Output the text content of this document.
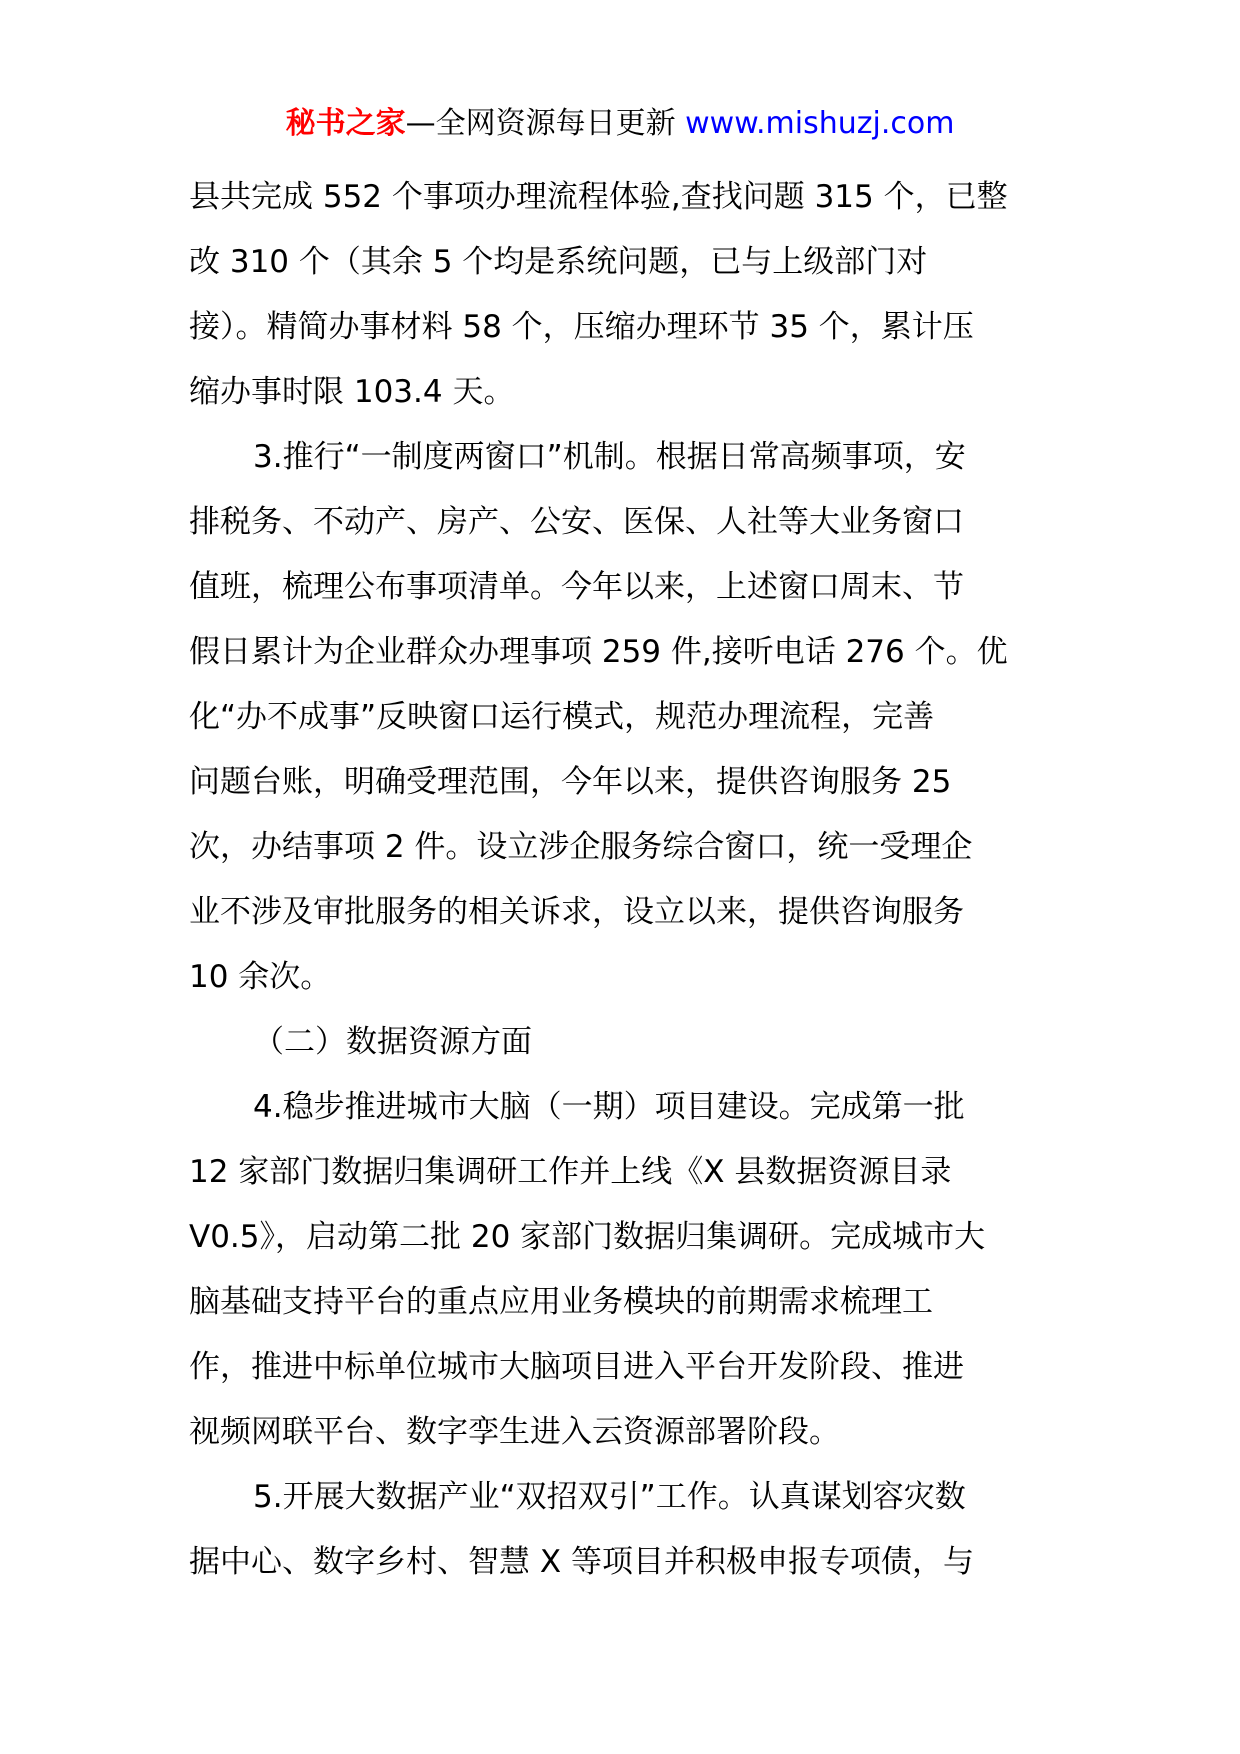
秘书之家—全网资源每日更新 www.mishuzj.com
县共完成 552 个事项办理流程体验,查找问题 315 个，已整
改 310 个（其余 5 个均是系统问题，已与上级部门对
接）。精简办事材料 58 个，压缩办理环节 35 个，累计压
缩办事时限 103.4 天。
3.推行“一制度两窗口”机制。根据日常高频事项，安
排税务、不动产、房产、公安、医保、人社等大业务窗口
值班，梳理公布事项清单。今年以来，上述窗口周末、节
假日累计为企业群众办理事项 259 件,接听电话 276 个。优
化“办不成事”反映窗口运行模式，规范办理流程，完善
问题台账，明确受理范围，今年以来，提供咨询服务 25
次，办结事项 2 件。设立涉企服务综合窗口，统一受理企
业不涉及审批服务的相关诉求，设立以来，提供咨询服务
10 余次。
（二）数据资源方面
4.稳步推进城市大脑（一期）项目建设。完成第一批
12 家部门数据归集调研工作并上线《X 县数据资源目录
V0.5》，启动第二批 20 家部门数据归集调研。完成城市大
脑基础支持平台的重点应用业务模块的前期需求梳理工
作，推进中标单位城市大脑项目进入平台开发阶段、推进
视频网联平台、数字孪生进入云资源部署阶段。
5.开展大数据产业“双招双引”工作。认真谋划容灾数
据中心、数字乡村、智慧 X 等项目并积极申报专项债，与
